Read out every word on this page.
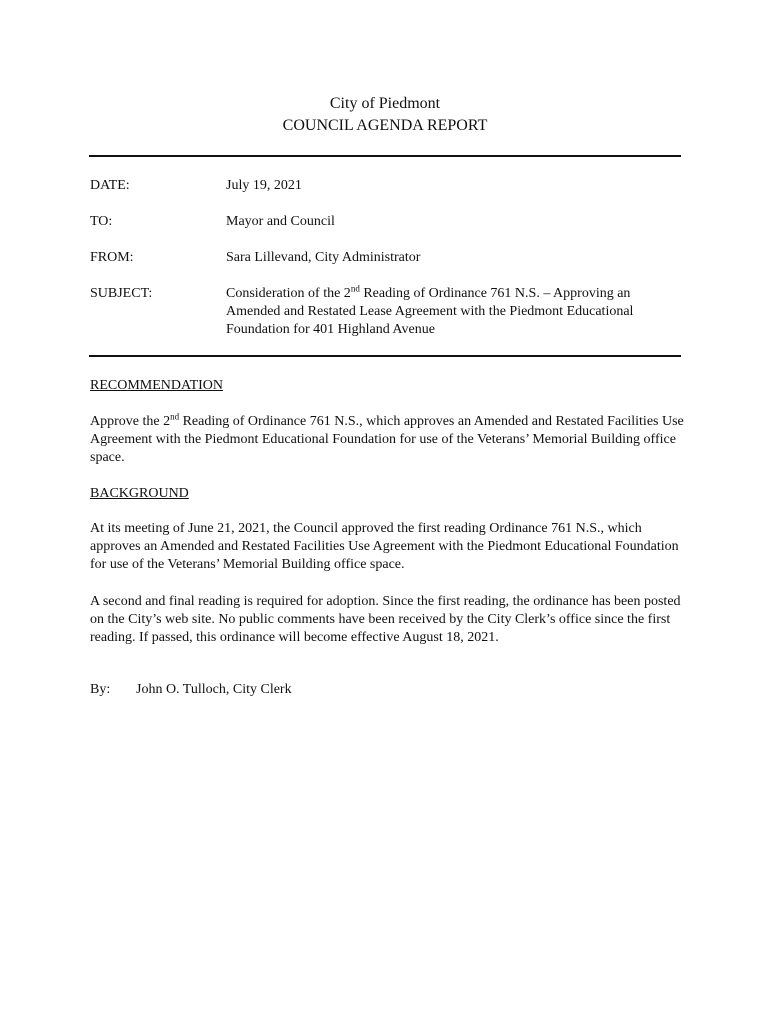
City of Piedmont
COUNCIL AGENDA REPORT
DATE:	July 19, 2021
TO:	Mayor and Council
FROM:	Sara Lillevand, City Administrator
SUBJECT:	Consideration of the 2nd Reading of Ordinance 761 N.S. – Approving an Amended and Restated Lease Agreement with the Piedmont Educational Foundation for 401 Highland Avenue
RECOMMENDATION
Approve the 2nd Reading of Ordinance 761 N.S., which approves an Amended and Restated Facilities Use Agreement with the Piedmont Educational Foundation for use of the Veterans’ Memorial Building office space.
BACKGROUND
At its meeting of June 21, 2021, the Council approved the first reading Ordinance 761 N.S., which approves an Amended and Restated Facilities Use Agreement with the Piedmont Educational Foundation for use of the Veterans’ Memorial Building office space.
A second and final reading is required for adoption. Since the first reading, the ordinance has been posted on the City’s web site. No public comments have been received by the City Clerk’s office since the first reading. If passed, this ordinance will become effective August 18, 2021.
By: John O. Tulloch, City Clerk
